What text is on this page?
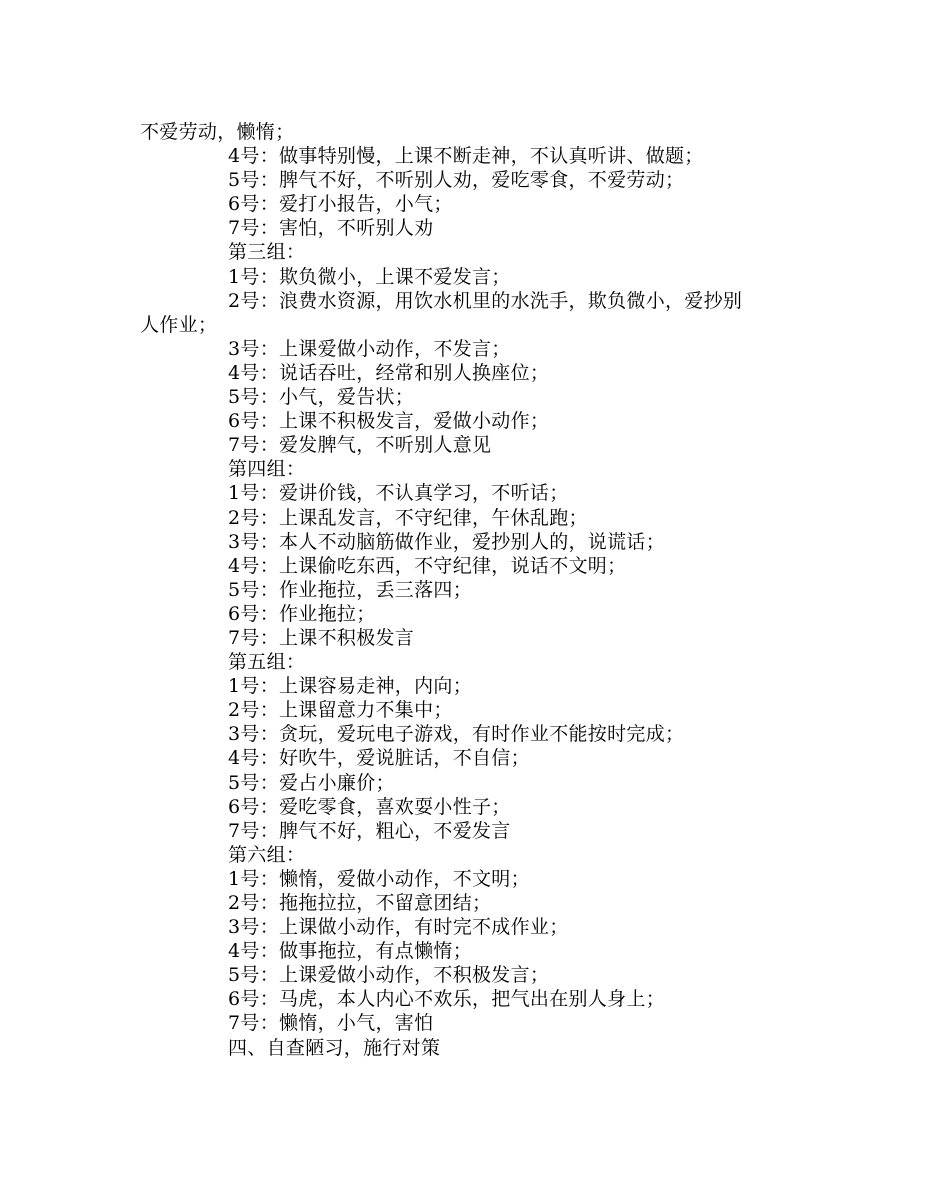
不爱劳动，懒惰；
4号：做事特别慢，上课不断走神，不认真听讲、做题；
5号：脾气不好，不听别人劝，爱吃零食，不爱劳动；
6号：爱打小报告，小气；
7号：害怕，不听别人劝
第三组：
1号：欺负微小，上课不爱发言；
2号：浪费水资源，用饮水机里的水洗手，欺负微小，爱抄别
人作业；
3号：上课爱做小动作，不发言；
4号：说话吞吐，经常和别人换座位；
5号：小气，爱告状；
6号：上课不积极发言，爱做小动作；
7号：爱发脾气，不听别人意见
第四组：
1号：爱讲价钱，不认真学习，不听话；
2号：上课乱发言，不守纪律，午休乱跑；
3号：本人不动脑筋做作业，爱抄别人的，说谎话；
4号：上课偷吃东西，不守纪律，说话不文明；
5号：作业拖拉，丢三落四；
6号：作业拖拉；
7号：上课不积极发言
第五组：
1号：上课容易走神，内向；
2号：上课留意力不集中；
3号：贪玩，爱玩电子游戏，有时作业不能按时完成；
4号：好吹牛，爱说脏话，不自信；
5号：爱占小廉价；
6号：爱吃零食，喜欢耍小性子；
7号：脾气不好，粗心，不爱发言
第六组：
1号：懒惰，爱做小动作，不文明；
2号：拖拖拉拉，不留意团结；
3号：上课做小动作，有时完不成作业；
4号：做事拖拉，有点懒惰；
5号：上课爱做小动作，不积极发言；
6号：马虎，本人内心不欢乐，把气出在别人身上；
7号：懒惰，小气，害怕
四、自查陋习，施行对策
